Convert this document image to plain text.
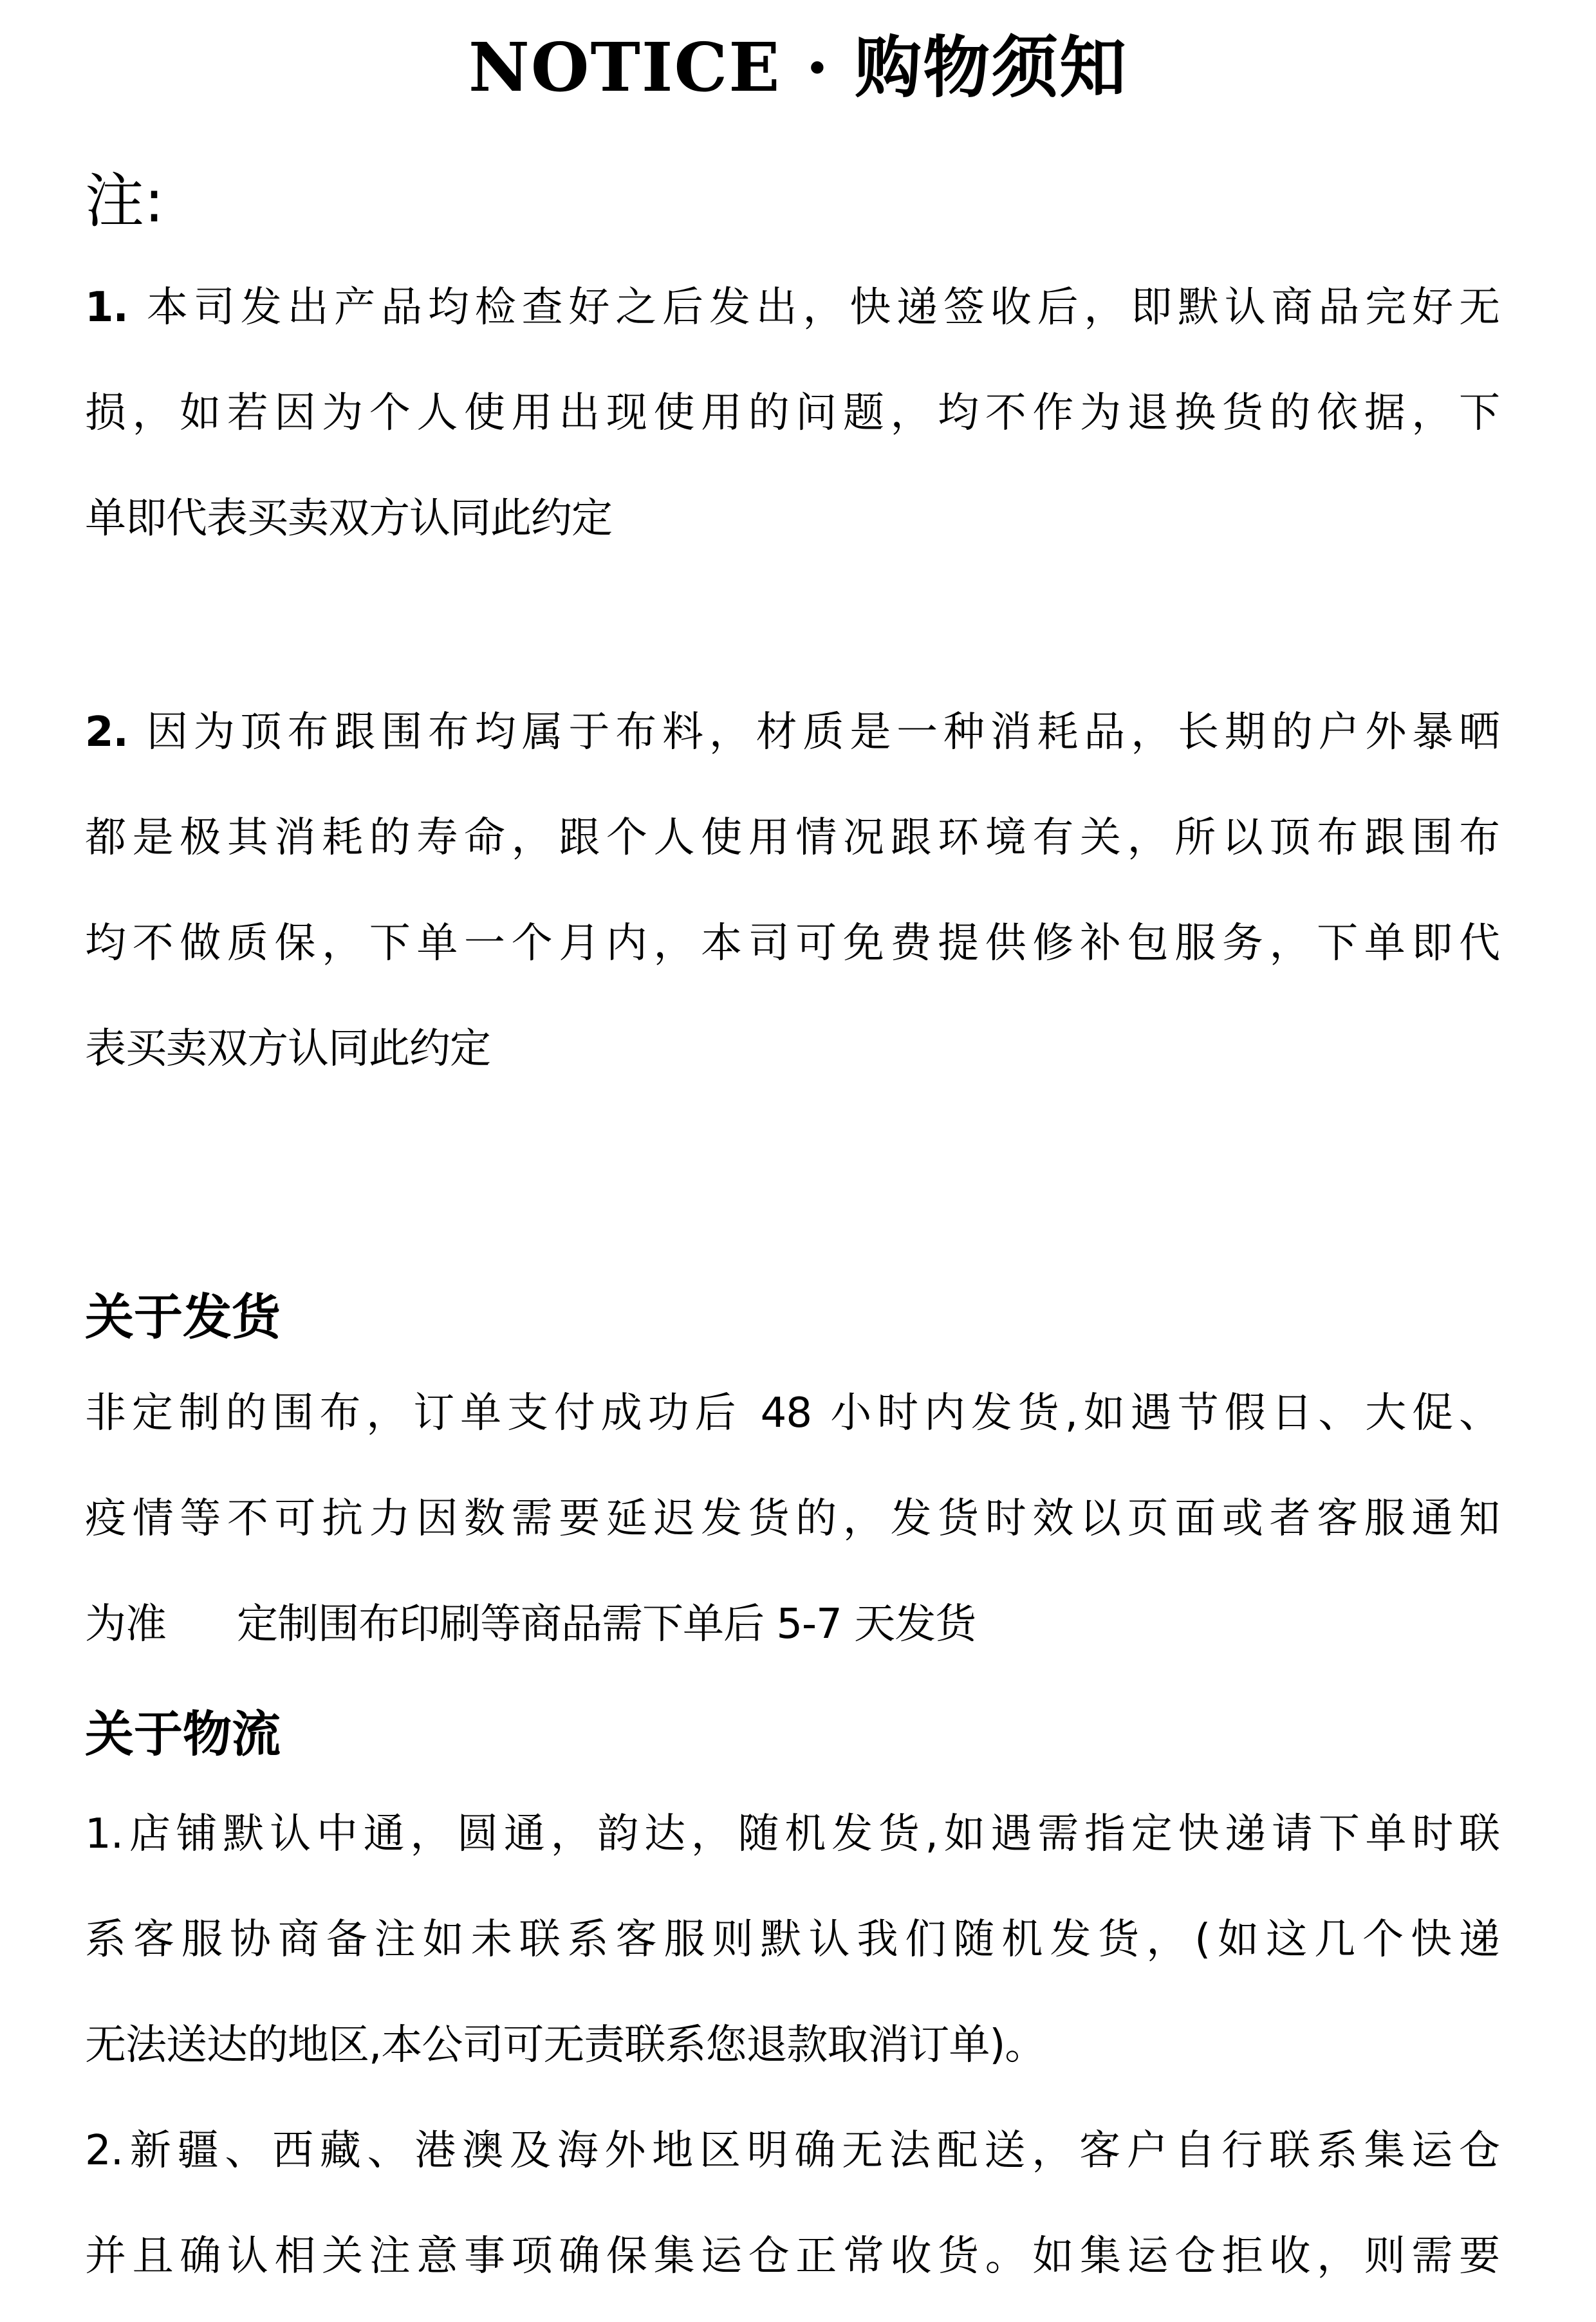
NOTICE · 购物须知
注:
1. 本司发出产品均检查好之后发出，快递签收后，即默认商品完好无
损，如若因为个人使用出现使用的问题，均不作为退换货的依据，下
单即代表买卖双方认同此约定
2. 因为顶布跟围布均属于布料，材质是一种消耗品，长期的户外暴晒
都是极其消耗的寿命，跟个人使用情况跟环境有关，所以顶布跟围布
均不做质保，下单一个月内，本司可免费提供修补包服务，下单即代
表买卖双方认同此约定
关于发货
非定制的围布，订单支付成功后 48 小时内发货,如遇节假日、大促、
疫情等不可抗力因数需要延迟发货的，发货时效以页面或者客服通知
为准 定制围布印刷等商品需下单后 5-7 天发货
关于物流
1.店铺默认中通，圆通，韵达，随机发货,如遇需指定快递请下单时联
系客服协商备注如未联系客服则默认我们随机发货，(如这几个快递
无法送达的地区,本公司可无责联系您退款取消订单)。
2.新疆、西藏、港澳及海外地区明确无法配送，客户自行联系集运仓
并且确认相关注意事项确保集运仓正常收货。如集运仓拒收，则需要
